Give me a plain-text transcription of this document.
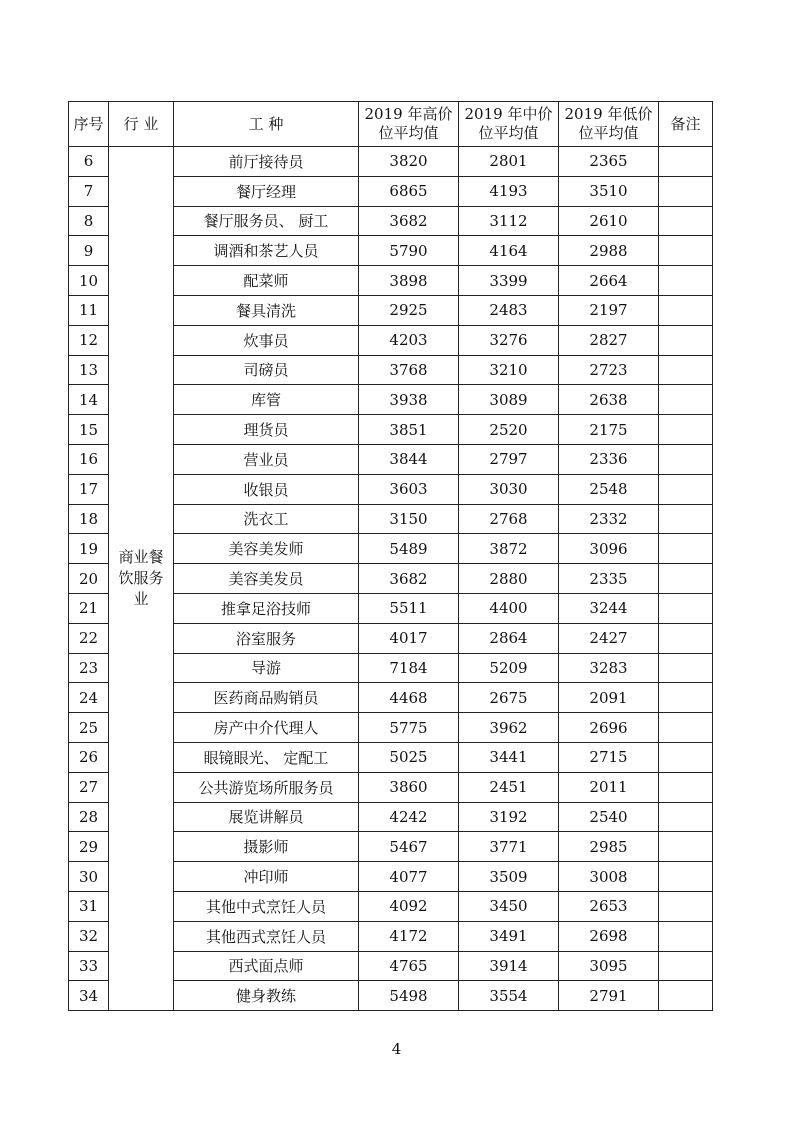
序号	行 业	工 种	2019 年高价位平均值	2019 年中价位平均值	2019 年低价位平均值	备注
6	商业餐饮服务业	前厅接待员	3820	2801	2365	
7		餐厅经理	6865	4193	3510	
8		餐厅服务员、 厨工	3682	3112	2610	
9		调酒和茶艺人员	5790	4164	2988	
10		配菜师	3898	3399	2664	
11		餐具清洗	2925	2483	2197	
12		炊事员	4203	3276	2827	
13		司磅员	3768	3210	2723	
14		库管	3938	3089	2638	
15		理货员	3851	2520	2175	
16		营业员	3844	2797	2336	
17		收银员	3603	3030	2548	
18		洗衣工	3150	2768	2332	
19		美容美发师	5489	3872	3096	
20		美容美发员	3682	2880	2335	
21		推拿足浴技师	5511	4400	3244	
22		浴室服务	4017	2864	2427	
23		导游	7184	5209	3283	
24		医药商品购销员	4468	2675	2091	
25		房产中介代理人	5775	3962	2696	
26		眼镜眼光、 定配工	5025	3441	2715	
27		公共游览场所服务员	3860	2451	2011	
28		展览讲解员	4242	3192	2540	
29		摄影师	5467	3771	2985	
30		冲印师	4077	3509	3008	
31		其他中式烹饪人员	4092	3450	2653	
32		其他西式烹饪人员	4172	3491	2698	
33		西式面点师	4765	3914	3095	
34		健身教练	5498	3554	2791	
4
